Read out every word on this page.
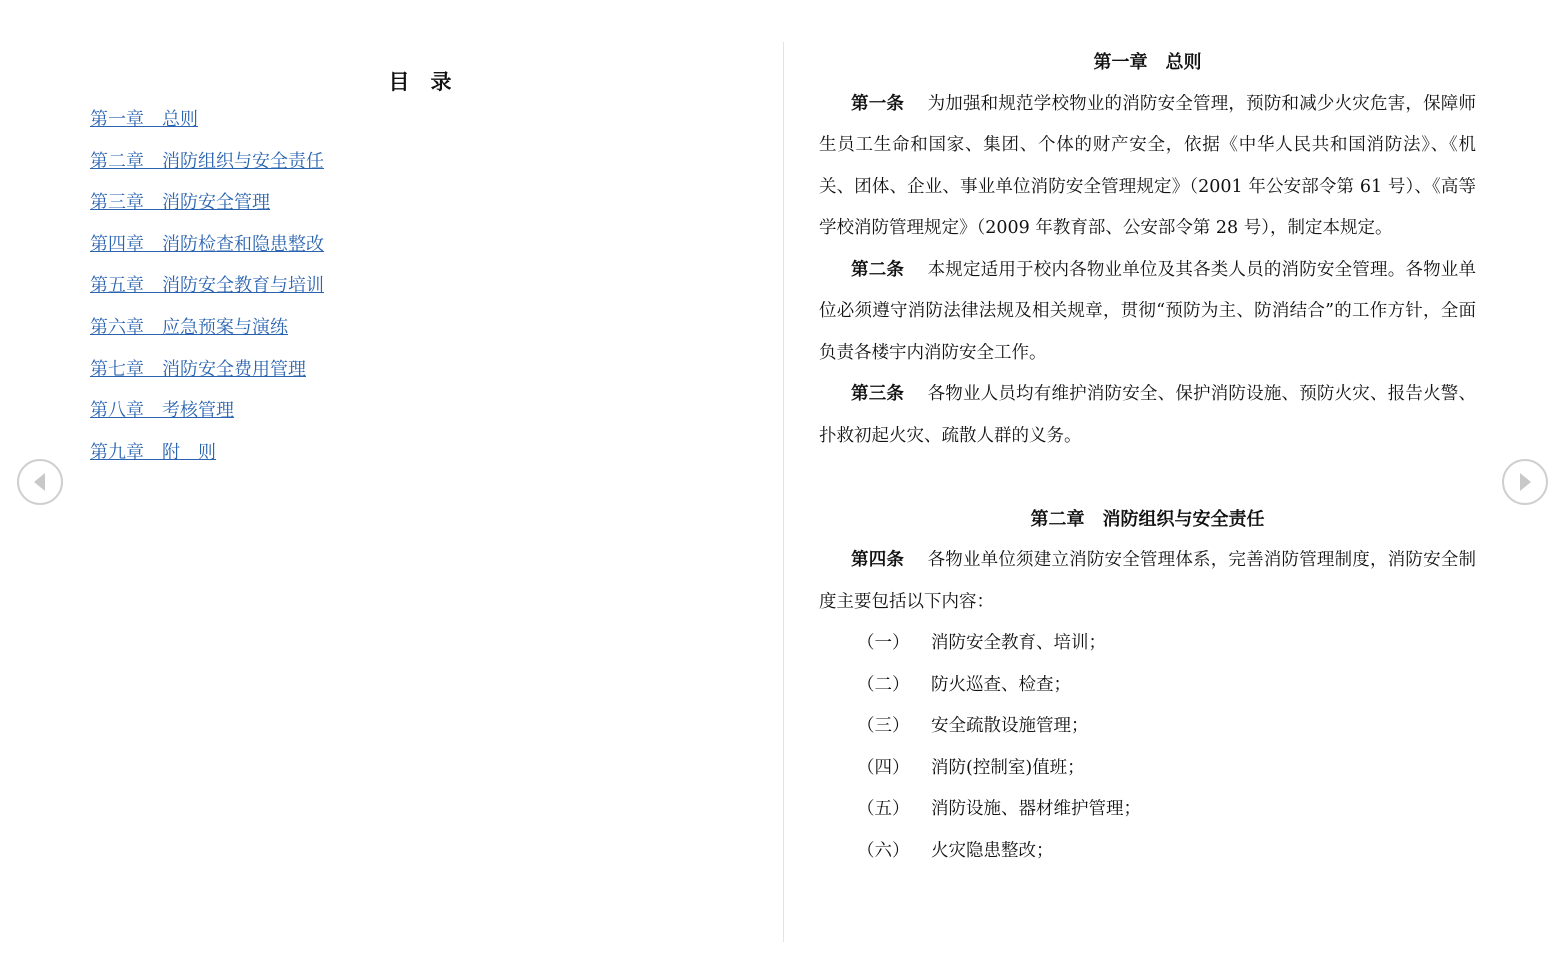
目　录
第一章　总则
第二章　消防组织与安全责任
第三章　消防安全管理
第四章　消防检查和隐患整改
第五章　消防安全教育与培训
第六章　应急预案与演练
第七章　消防安全费用管理
第八章　考核管理
第九章　附　则
第一章　总则

第一条　 为加强和规范学校物业的消防安全管理，预防和减少火灾危害，保障师生员工生命和国家、集团、个体的财产安全，依据《中华人民共和国消防法》、《机关、团体、企业、事业单位消防安全管理规定》（2001 年公安部令第 61 号）、《高等学校消防管理规定》（2009 年教育部、公安部令第 28 号），制定本规定。

第二条　 本规定适用于校内各物业单位及其各类人员的消防安全管理。各物业单位必须遵守消防法律法规及相关规章，贯彻“预防为主、防消结合”的工作方针，全面负责各楼宇内消防安全工作。

第三条　 各物业人员均有维护消防安全、保护消防设施、预防火灾、报告火警、扑救初起火灾、疏散人群的义务。

第二章　消防组织与安全责任

第四条　 各物业单位须建立消防安全管理体系，完善消防管理制度，消防安全制度主要包括以下内容：

（一） 消防安全教育、培训；
（二） 防火巡查、检查；
（三） 安全疏散设施管理；
（四） 消防(控制室)值班；
（五） 消防设施、器材维护管理；
（六） 火灾隐患整改；
